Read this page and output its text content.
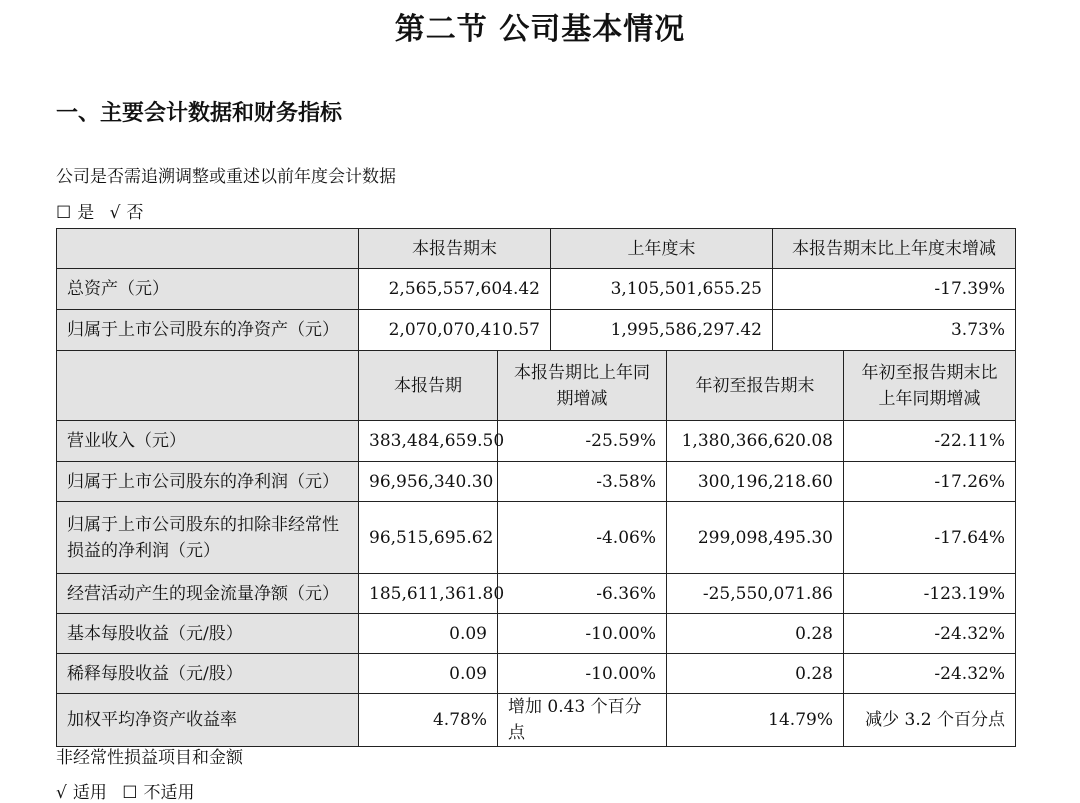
第二节 公司基本情况
一、主要会计数据和财务指标
公司是否需追溯调整或重述以前年度会计数据
☐ 是 √ 否
	本报告期末		上年度末		本报告期末比上年度末增减	
总资产（元）	2,565,557,604.42		3,105,501,655.25		-17.39%	
归属于上市公司股东的净资产（元）	2,070,070,410.57		1,995,586,297.42		3.73%	
	本报告期	本报告期比上年同期增减		年初至报告期末		年初至报告期末比上年同期增减
营业收入（元）	383,484,659.50	-25.59%		1,380,366,620.08		-22.11%
归属于上市公司股东的净利润（元）	96,956,340.30	-3.58%		300,196,218.60		-17.26%
归属于上市公司股东的扣除非经常性损益的净利润（元）	96,515,695.62	-4.06%		299,098,495.30		-17.64%
经营活动产生的现金流量净额（元）	185,611,361.80	-6.36%		-25,550,071.86		-123.19%
基本每股收益（元/股）	0.09	-10.00%		0.28		-24.32%
稀释每股收益（元/股）	0.09	-10.00%		0.28		-24.32%
加权平均净资产收益率	4.78%	增加 0.43 个百分点		14.79%		减少 3.2 个百分点
非经常性损益项目和金额
√ 适用 ☐ 不适用
